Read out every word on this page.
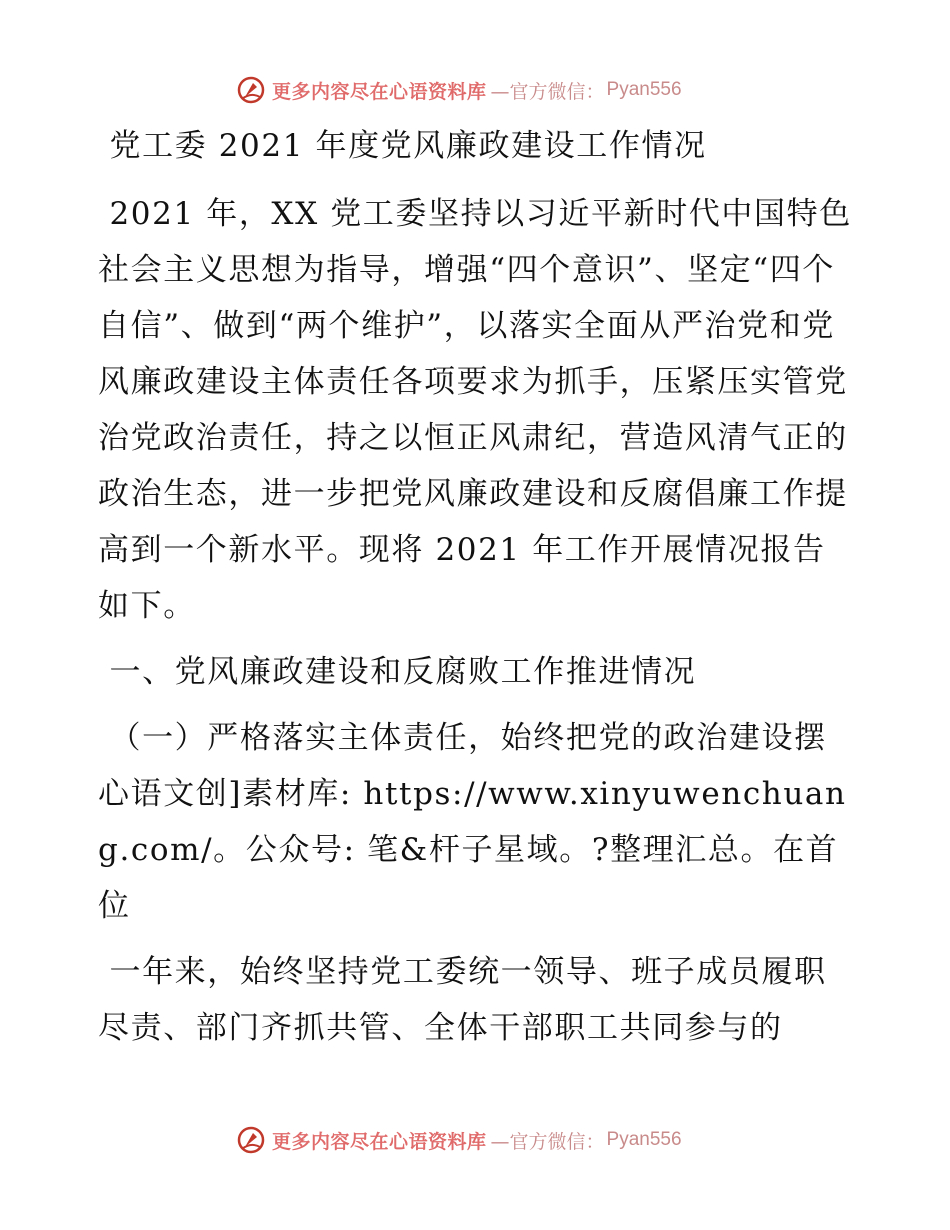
更多内容尽在心语资料库 —官方微信： Pyan556

党工委 2021 年度党风廉政建设工作情况

2021 年，XX 党工委坚持以习近平新时代中国特色社会主义思想为指导，增强“四个意识”、坚定“四个自信”、做到“两个维护”，以落实全面从严治党和党风廉政建设主体责任各项要求为抓手，压紧压实管党治党政治责任，持之以恒正风肃纪，营造风清气正的政治生态，进一步把党风廉政建设和反腐倡廉工作提高到一个新水平。现将 2021 年工作开展情况报告如下。

一、党风廉政建设和反腐败工作推进情况

（一）严格落实主体责任，始终把党的政治建设摆心语文创]素材库: https://www.xinyuwenchuang.com/。公众号: 笔&杆子星域。?整理汇总。在首位

一年来，始终坚持党工委统一领导、班子成员履职尽责、部门齐抓共管、全体干部职工共同参与的

更多内容尽在心语资料库 —官方微信： Pyan556
